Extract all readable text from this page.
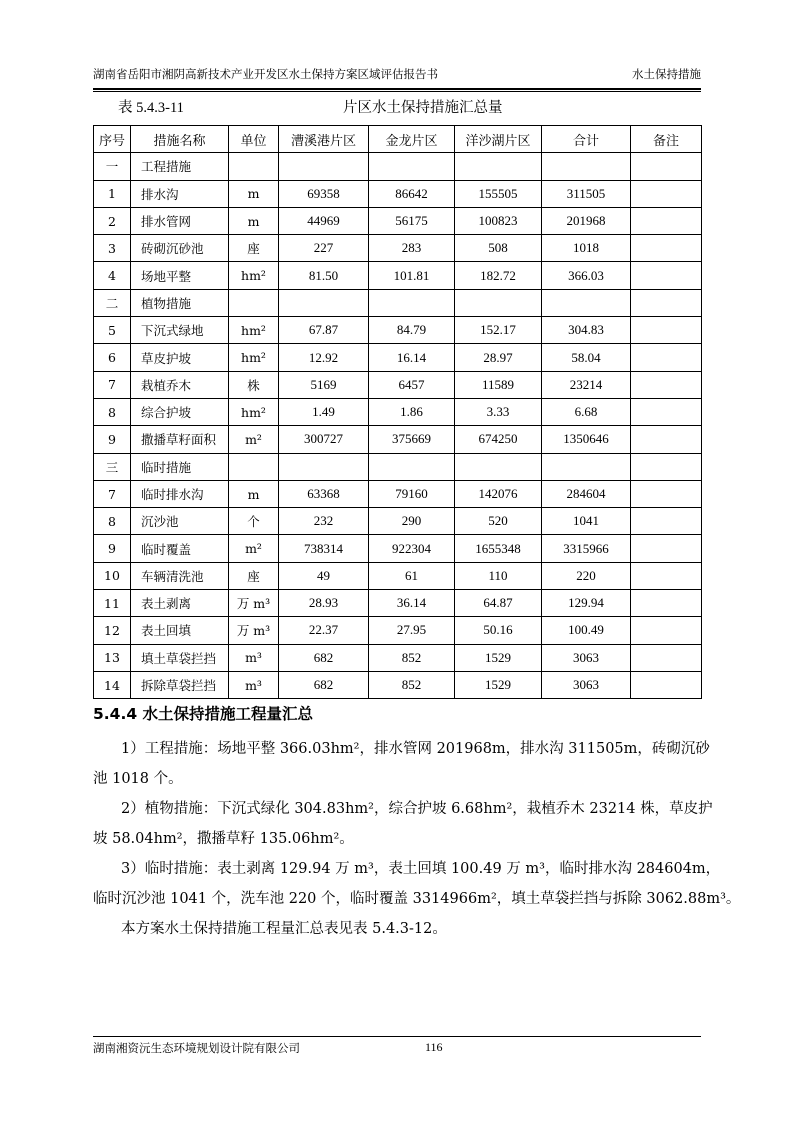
湖南省岳阳市湘阴高新技术产业开发区水土保持方案区域评估报告书	水土保持措施
表 5.4.3-11	片区水土保持措施汇总量
序号	措施名称	单位	漕溪港片区	金龙片区	洋沙湖片区	合计	备注
一	工程措施						
1	排水沟	m	69358	86642	155505	311505	
2	排水管网	m	44969	56175	100823	201968	
3	砖砌沉砂池	座	227	283	508	1018	
4	场地平整	hm²	81.50	101.81	182.72	366.03	
二	植物措施						
5	下沉式绿地	hm²	67.87	84.79	152.17	304.83	
6	草皮护坡	hm²	12.92	16.14	28.97	58.04	
7	栽植乔木	株	5169	6457	11589	23214	
8	综合护坡	hm²	1.49	1.86	3.33	6.68	
9	撒播草籽面积	m²	300727	375669	674250	1350646	
三	临时措施						
7	临时排水沟	m	63368	79160	142076	284604	
8	沉沙池	个	232	290	520	1041	
9	临时覆盖	m²	738314	922304	1655348	3315966	
10	车辆清洗池	座	49	61	110	220	
11	表土剥离	万 m³	28.93	36.14	64.87	129.94	
12	表土回填	万 m³	22.37	27.95	50.16	100.49	
13	填土草袋拦挡	m³	682	852	1529	3063	
14	拆除草袋拦挡	m³	682	852	1529	3063	
5.4.4 水土保持措施工程量汇总
1）工程措施：场地平整 366.03hm²，排水管网 201968m，排水沟 311505m，砖砌沉砂
池 1018 个。
2）植物措施：下沉式绿化 304.83hm²，综合护坡 6.68hm²，栽植乔木 23214 株，草皮护
坡 58.04hm²，撒播草籽 135.06hm²。
3）临时措施：表土剥离 129.94 万 m³，表土回填 100.49 万 m³，临时排水沟 284604m，
临时沉沙池 1041 个，洗车池 220 个，临时覆盖 3314966m²，填土草袋拦挡与拆除 3062.88m³。
本方案水土保持措施工程量汇总表见表 5.4.3-12。
湖南湘资沅生态环境规划设计院有限公司	116
